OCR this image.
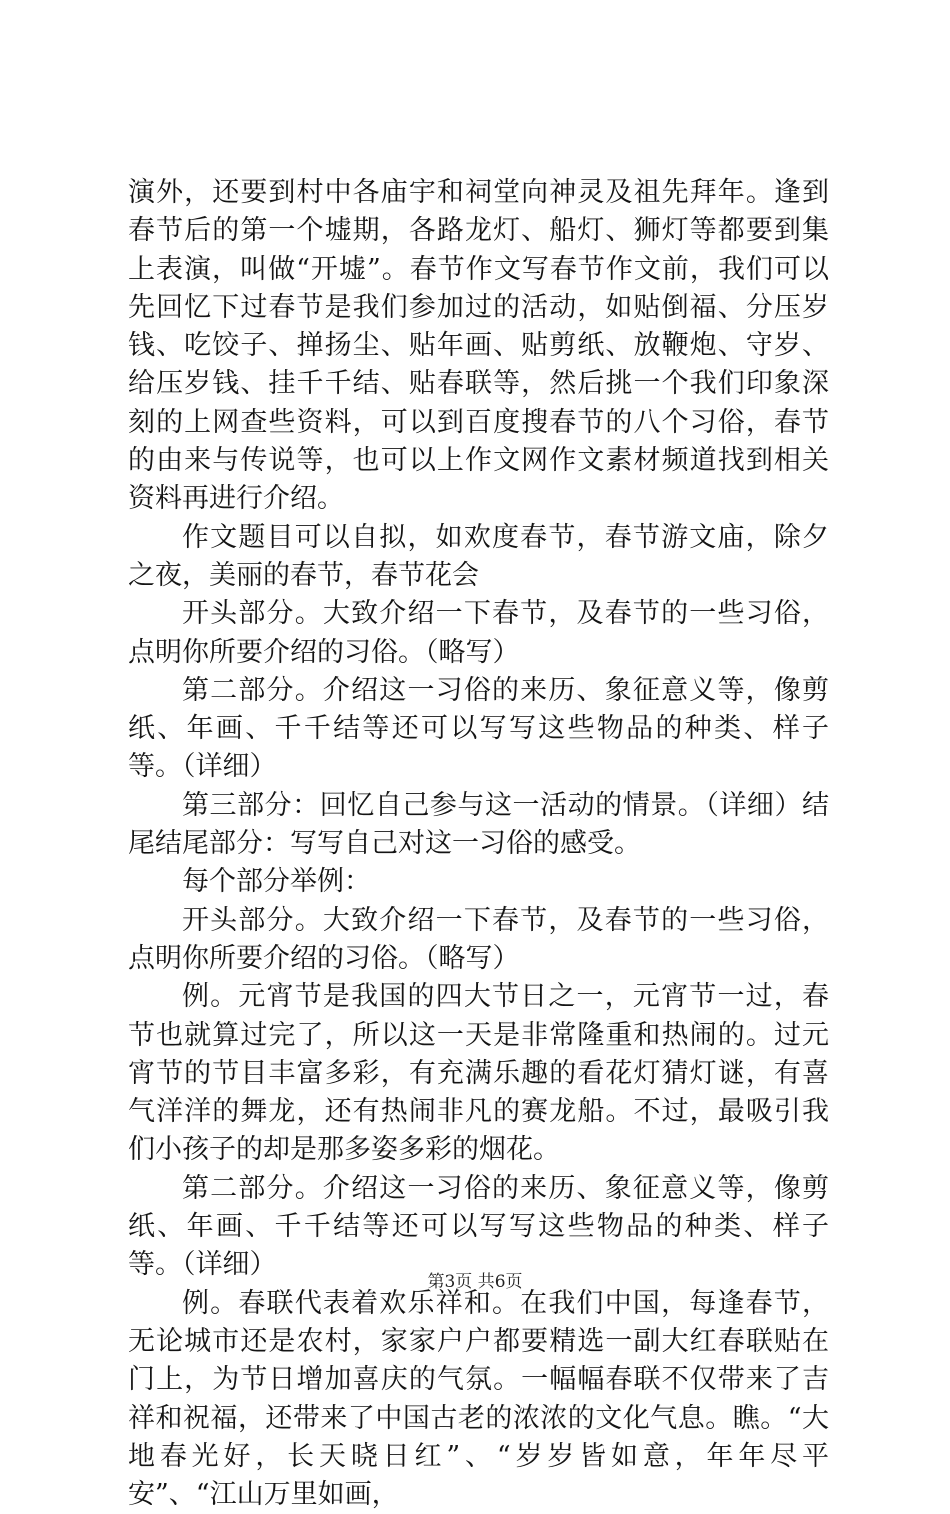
演外，还要到村中各庙宇和祠堂向神灵及祖先拜年。逢到春节后的第一个墟期，各路龙灯、船灯、狮灯等都要到集上表演，叫做“开墟”。春节作文写春节作文前，我们可以先回忆下过春节是我们参加过的活动，如贴倒福、分压岁钱、吃饺子、掸扬尘、贴年画、贴剪纸、放鞭炮、守岁、给压岁钱、挂千千结、贴春联等，然后挑一个我们印象深刻的上网查些资料，可以到百度搜春节的八个习俗，春节的由来与传说等，也可以上作文网作文素材频道找到相关资料再进行介绍。

作文题目可以自拟，如欢度春节，春节游文庙，除夕之夜，美丽的春节，春节花会

开头部分。大致介绍一下春节，及春节的一些习俗，点明你所要介绍的习俗。（略写）

第二部分。介绍这一习俗的来历、象征意义等，像剪纸、年画、千千结等还可以写写这些物品的种类、样子等。（详细）

第三部分：回忆自己参与这一活动的情景。（详细）结尾结尾部分：写写自己对这一习俗的感受。

每个部分举例：

开头部分。大致介绍一下春节，及春节的一些习俗，点明你所要介绍的习俗。（略写）

例。元宵节是我国的四大节日之一，元宵节一过，春节也就算过完了，所以这一天是非常隆重和热闹的。过元宵节的节目丰富多彩，有充满乐趣的看花灯猜灯谜，有喜气洋洋的舞龙，还有热闹非凡的赛龙船。不过，最吸引我们小孩子的却是那多姿多彩的烟花。

第二部分。介绍这一习俗的来历、象征意义等，像剪纸、年画、千千结等还可以写写这些物品的种类、样子等。（详细）

例。春联代表着欢乐祥和。在我们中国，每逢春节，无论城市还是农村，家家户户都要精选一副大红春联贴在门上，为节日增加喜庆的气氛。一幅幅春联不仅带来了吉祥和祝福，还带来了中国古老的浓浓的文化气息。瞧。“大地春光好，长天晓日红”、“岁岁皆如意，年年尽平安”、“江山万里如画，

第3页 共6页
